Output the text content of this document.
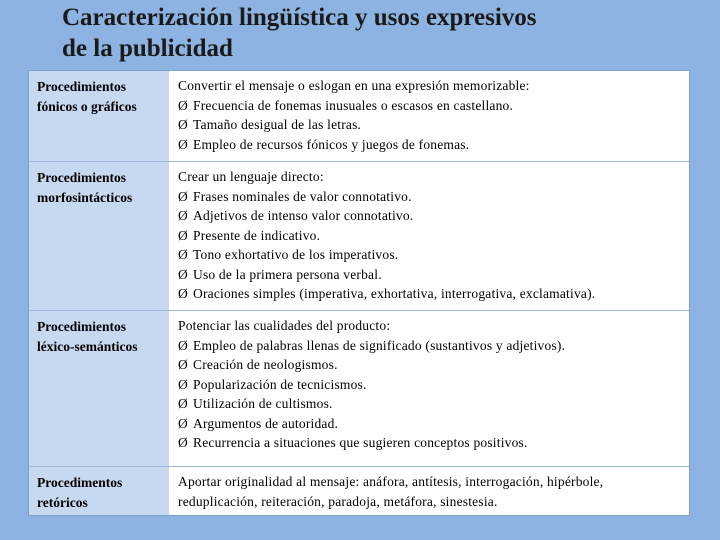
Caracterización lingüística y usos expresivos
de la publicidad
Procedimientos
fónicos o gráficos
Convertir el mensaje o eslogan en una expresión memorizable:
Ø Frecuencia de fonemas inusuales o escasos en castellano.
Ø Tamaño desigual de las letras.
Ø Empleo de recursos fónicos y juegos de fonemas.
Procedimientos
morfosintácticos
Crear un lenguaje directo:
Ø Frases nominales de valor connotativo.
Ø Adjetivos de intenso valor connotativo.
Ø Presente de indicativo.
Ø Tono exhortativo de los imperativos.
Ø Uso de la primera persona verbal.
Ø Oraciones simples (imperativa, exhortativa, interrogativa, exclamativa).
Procedimientos
léxico-semánticos
Potenciar las cualidades del producto:
Ø Empleo de palabras llenas de significado (sustantivos y adjetivos).
Ø Creación de neologismos.
Ø Popularización de tecnicismos.
Ø Utilización de cultismos.
Ø Argumentos de autoridad.
Ø Recurrencia a situaciones que sugieren conceptos positivos.
Procedimentos
retóricos
Aportar originalidad al mensaje: anáfora, antítesis, interrogación, hipérbole,
reduplicación, reiteración, paradoja, metáfora, sinestesia.
